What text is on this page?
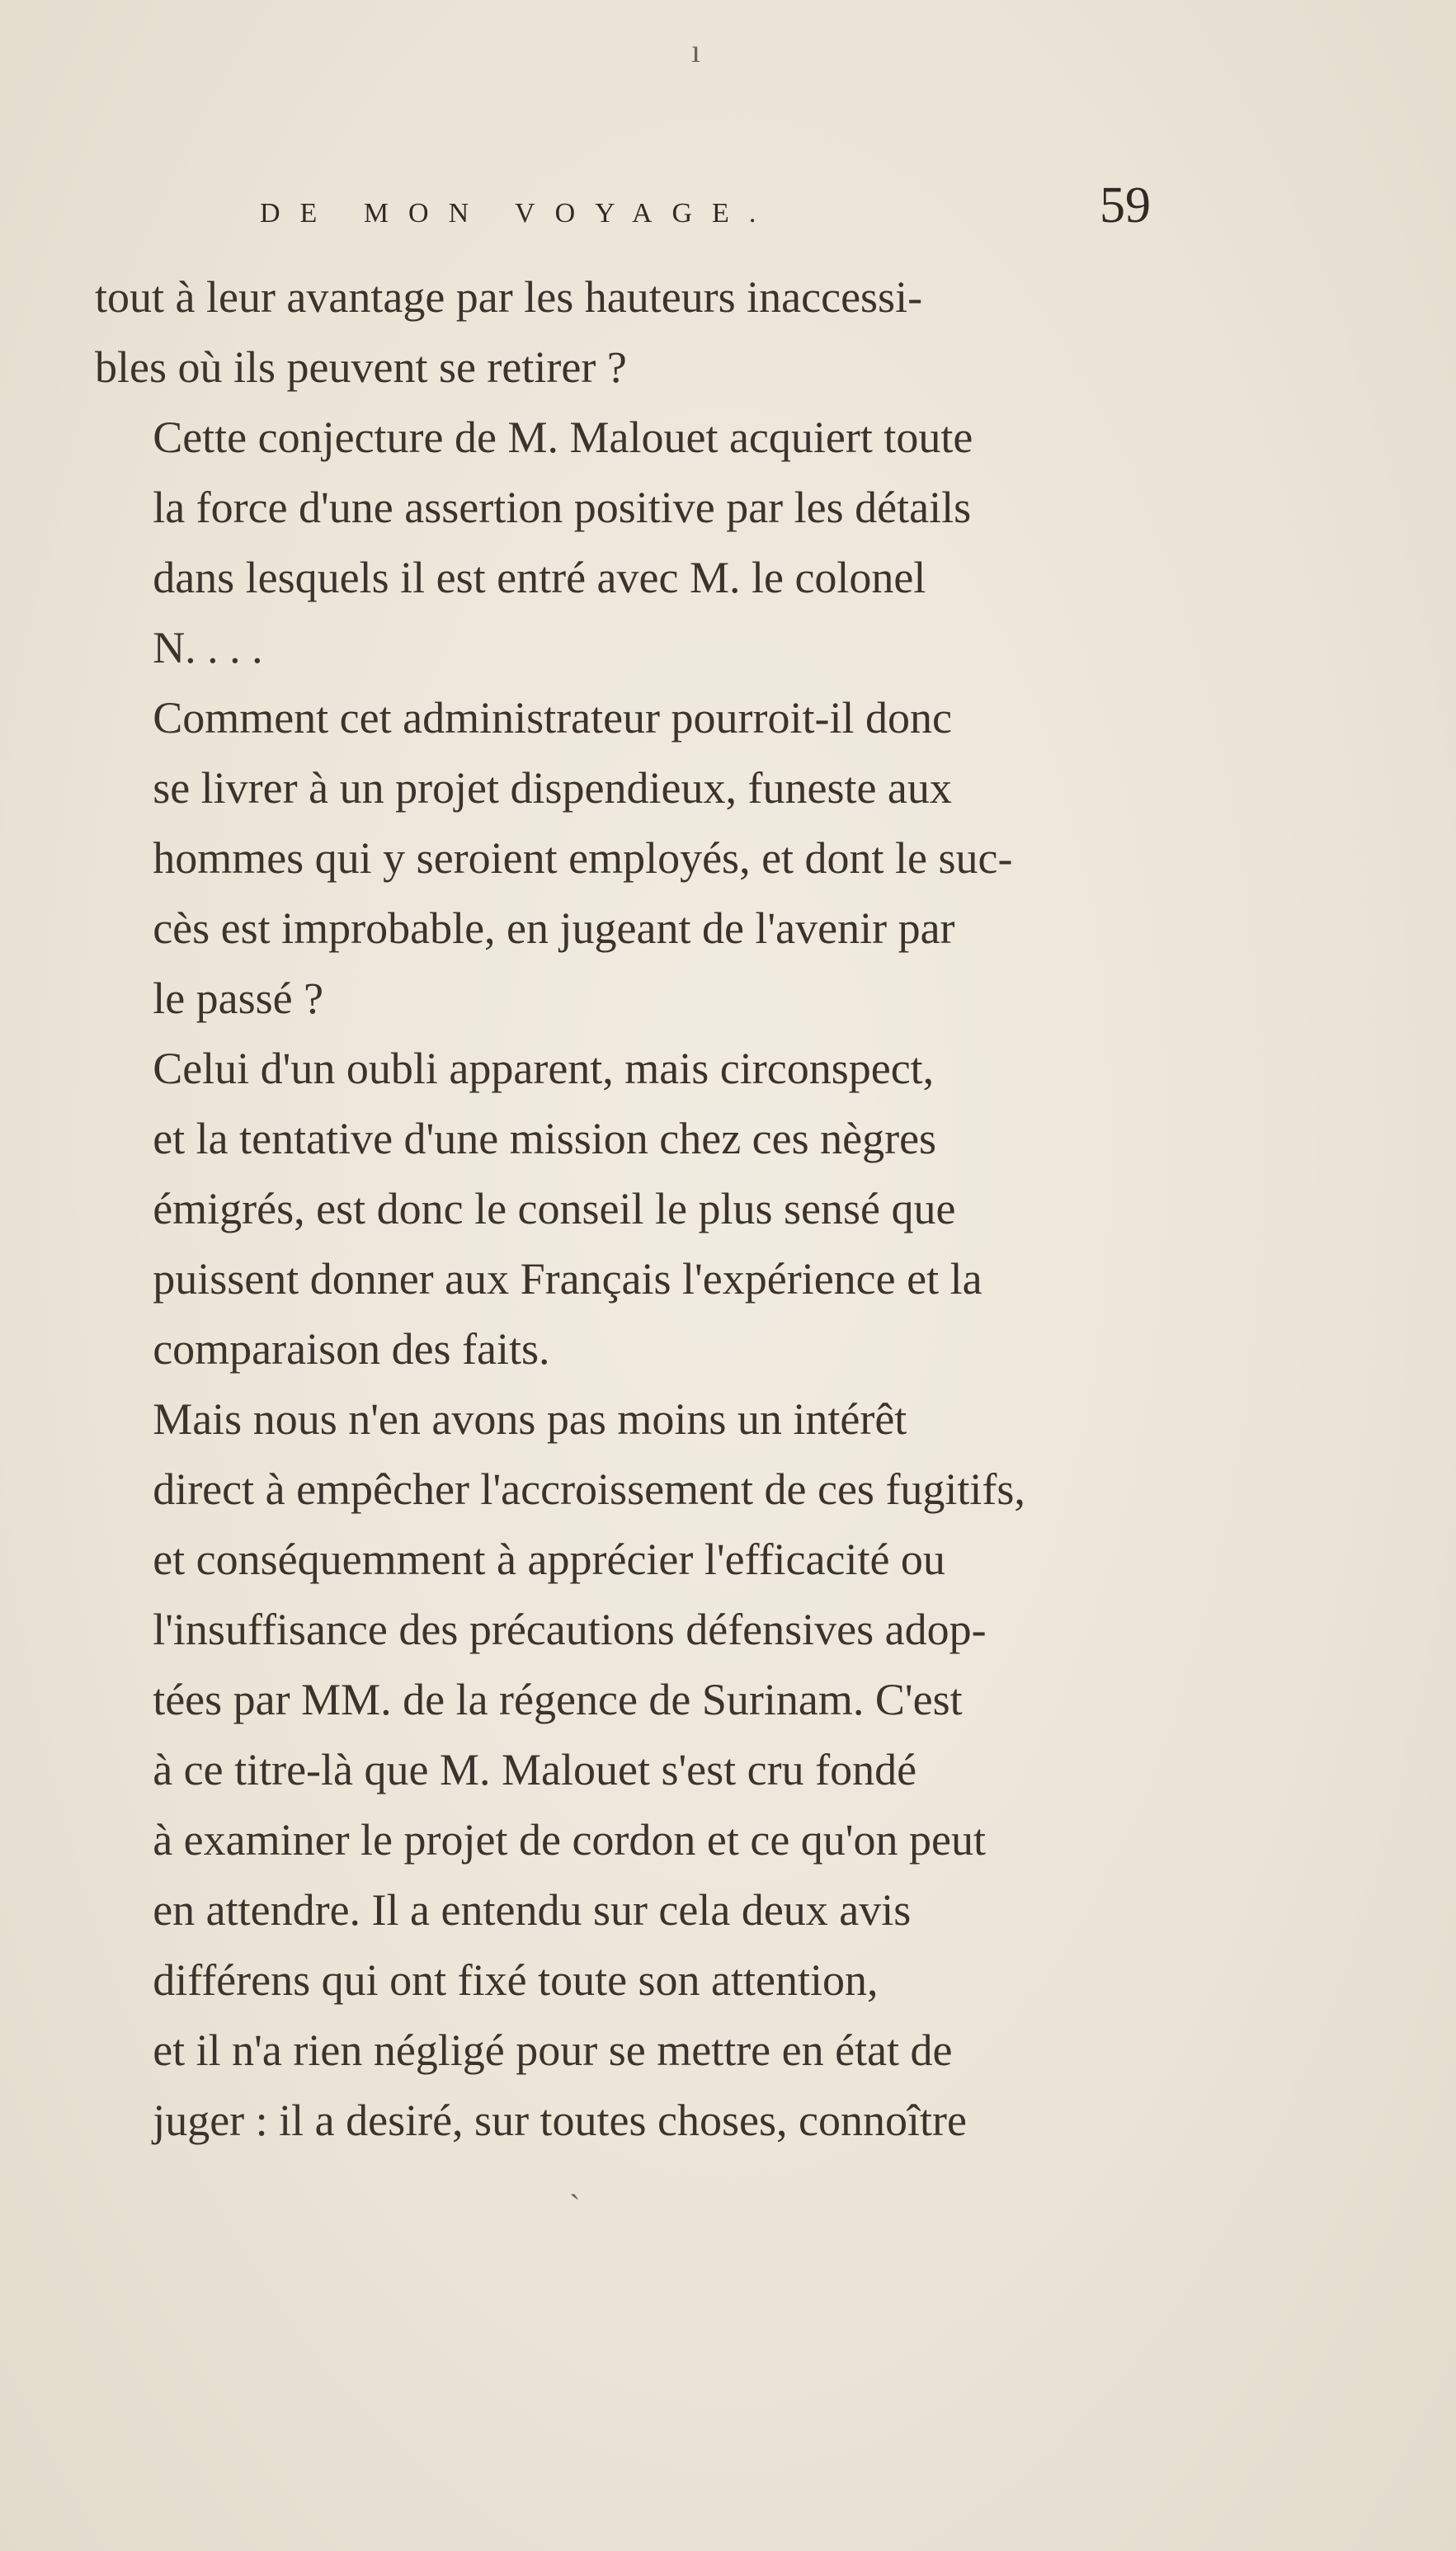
ı
ˎ
DE MON VOYAGE.	59

tout à leur avantage par les hauteurs inaccessi-
bles où ils peuvent se retirer ?

Cette conjecture de M. Malouet acquiert toute
la force d'une assertion positive par les détails
dans lesquels il est entré avec M. le colonel
N. . . .

Comment cet administrateur pourroit-il donc
se livrer à un projet dispendieux, funeste aux
hommes qui y seroient employés, et dont le suc-
cès est improbable, en jugeant de l'avenir par
le passé ?

Celui d'un oubli apparent, mais circonspect,
et la tentative d'une mission chez ces nègres
émigrés, est donc le conseil le plus sensé que
puissent donner aux Français l'expérience et la
comparaison des faits.

Mais nous n'en avons pas moins un intérêt
direct à empêcher l'accroissement de ces fugitifs,
et conséquemment à apprécier l'efficacité ou
l'insuffisance des précautions défensives adop-
tées par MM. de la régence de Surinam. C'est
à ce titre-là que M. Malouet s'est cru fondé
à examiner le projet de cordon et ce qu'on peut
en attendre. Il a entendu sur cela deux avis
différens qui ont fixé toute son attention,
et il n'a rien négligé pour se mettre en état de
juger : il a desiré, sur toutes choses, connoître
